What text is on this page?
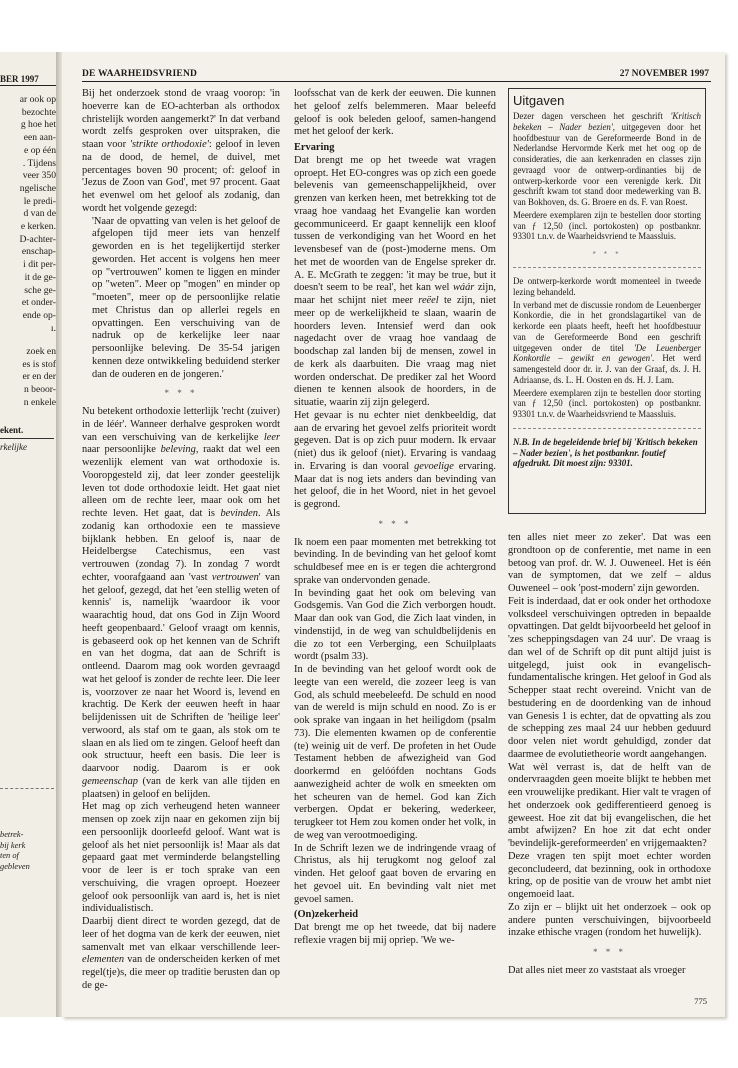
BER 1997
ar ook op
bezochte
g hoe het
een aan-
e op één
. Tijdens
veer 350
ngelische
le predi-
d van de
e kerken.
D-achter-
enschap-
i dit per-
it de ge-
sche ge-
et onder-
ende op-
ı.
zoek en
es is stof
er en der
n beoor-
n enkele
ekent.
rkelijke
betrek-
bij kerk
ten of
gebleven
DE WAARHEIDSVRIEND	27 NOVEMBER 1997

Bij het onderzoek stond de vraag voorop: 'in hoeverre kan de EO-achterban als orthodox christelijk worden aangemerkt?' In dat verband wordt zelfs gesproken over uitspraken, die staan voor 'strikte orthodoxie': geloof in leven na de dood, de hemel, de duivel, met percentages boven 90 procent; of: geloof in 'Jezus de Zoon van God', met 97 procent. Gaat het evenwel om het geloof als zodanig, dan wordt het volgende gezegd:

'Naar de opvatting van velen is het geloof de afgelopen tijd meer iets van henzelf geworden en is het tegelijkertijd sterker geworden. Het accent is volgens hen meer op "vertrouwen" komen te liggen en minder op "weten". Meer op "mogen" en minder op "moeten", meer op de persoonlijke relatie met Christus dan op allerlei regels en opvattingen. Een verschuiving van de nadruk op de kerkelijke leer naar persoonlijke beleving. De 35-54 jarigen kennen deze ontwikkeling beduidend sterker dan de ouderen en de jongeren.'

* * *

Nu betekent orthodoxie letterlijk 'recht (zuiver) in de léér'. Wanneer derhalve gesproken wordt van een verschuiving van de kerkelijke leer naar persoonlijke beleving, raakt dat wel een wezenlijk element van wat orthodoxie is. Vooropgesteld zij, dat leer zonder geestelijk leven tot dode orthodoxie leidt. Het gaat niet alleen om de rechte leer, maar ook om het rechte leven. Het gaat, dat is bevinden. Als zodanig kan orthodoxie een te massieve bijklank hebben. En geloof is, naar de Heidelbergse Catechismus, een vast vertrouwen (zondag 7). In zondag 7 wordt echter, voorafgaand aan 'vast vertrouwen' van het geloof, gezegd, dat het 'een stellig weten of kennis' is, namelijk 'waardoor ik voor waarachtig houd, dat ons God in Zijn Woord heeft geopenbaard.' Geloof vraagt om kennis, is gebaseerd ook op het kennen van de Schrift en van het dogma, dat aan de Schrift is ontleend. Daarom mag ook worden gevraagd wat het geloof is zonder de rechte leer. Die leer is, voorzover ze naar het Woord is, levend en krachtig. De Kerk der eeuwen heeft in haar belijdenissen uit de Schriften de 'heilige leer' verwoord, als staf om te gaan, als stok om te slaan en als lied om te zingen. Geloof heeft dan ook structuur, heeft een basis. Die leer is daarvoor nodig. Daarom is er ook gemeenschap (van de kerk van alle tijden en plaatsen) in geloof en belijden.

Het mag op zich verheugend heten wanneer mensen op zoek zijn naar en gekomen zijn bij een persoonlijk doorleefd geloof. Want wat is geloof als het niet persoonlijk is! Maar als dat gepaard gaat met verminderde belangstelling voor de leer is er toch sprake van een verschuiving, die vragen oproept. Hoezeer geloof ook persoonlijk van aard is, het is niet individualistisch.

Daarbij dient direct te worden gezegd, dat de leer of het dogma van de kerk der eeuwen, niet samenvalt met van elkaar verschillende leer-elementen van de onderscheiden kerken of met regel(tje)s, die meer op traditie berusten dan op de ge-

loofsschat van de kerk der eeuwen. Die kunnen het geloof zelfs belemmeren. Maar beleefd geloof is ook beleden geloof, samen-hangend met het geloof der kerk.

Ervaring

Dat brengt me op het tweede wat vragen oproept. Het EO-congres was op zich een goede belevenis van gemeenschappelijkheid, over grenzen van kerken heen, met betrekking tot de vraag hoe vandaag het Evangelie kan worden gecommuniceerd. Er gaapt kennelijk een kloof tussen de verkondiging van het Woord en het levensbesef van de (post-)moderne mens. Om het met de woorden van de Engelse spreker dr. A. E. McGrath te zeggen: 'it may be true, but it doesn't seem to be real', het kan wel wáár zijn, maar het schijnt niet meer reëel te zijn, niet meer op de werkelijkheid te slaan, waarin de hoorders leven. Intensief werd dan ook nagedacht over de vraag hoe vandaag de boodschap zal landen bij de mensen, zowel in de kerk als daarbuiten. Die vraag mag niet worden onderschat. De prediker zal het Woord dienen te kennen alsook de hoorders, in de situatie, waarin zij zijn gelegerd.

Het gevaar is nu echter niet denkbeeldig, dat aan de ervaring het gevoel zelfs prioriteit wordt gegeven. Dat is op zich puur modern. Ik ervaar (niet) dus ik geloof (niet). Ervaring is vandaag in. Ervaring is dan vooral gevoelige ervaring. Maar dat is nog iets anders dan bevinding van het geloof, die in het Woord, niet in het gevoel is gegrond.

* * *

Ik noem een paar momenten met betrekking tot bevinding. In de bevinding van het geloof komt schuldbesef mee en is er tegen die achtergrond sprake van ondervonden genade.

In bevinding gaat het ook om beleving van Godsgemis. Van God die Zich verborgen houdt. Maar dan ook van God, die Zich laat vinden, in vindenstijd, in de weg van schuldbelijdenis en die zo tot een Verberging, een Schuilplaats wordt (psalm 33).

In de bevinding van het geloof wordt ook de leegte van een wereld, die zozeer leeg is van God, als schuld meebeleefd. De schuld en nood van de wereld is mijn schuld en nood. Zo is er ook sprake van ingaan in het heiligdom (psalm 73). Die elementen kwamen op de conferentie (te) weinig uit de verf. De profeten in het Oude Testament hebben de afwezigheid van God doorkermd en gelóófden nochtans Gods aanwezigheid achter de wolk en smeekten om het scheuren van de hemel. God kan Zich verbergen. Opdat er bekering, wederkeer, terugkeer tot Hem zou komen onder het volk, in de weg van verootmoediging.

In de Schrift lezen we de indringende vraag of Christus, als hij terugkomt nog geloof zal vinden. Het geloof gaat boven de ervaring en het gevoel uit. En bevinding valt niet met gevoel samen.

(On)zekerheid

Dat brengt me op het tweede, dat bij nadere reflexie vragen bij mij opriep. 'We we-

Uitgaven

Dezer dagen verscheen het geschrift 'Kritisch bekeken – Nader bezien', uitgegeven door het hoofdbestuur van de Gereformeerde Bond in de Nederlandse Hervormde Kerk met het oog op de consideraties, die aan kerkenraden en classes zijn gevraagd voor de ontwerp-ordinanties bij de ontwerp-kerkorde voor een verenigde kerk. Dit geschrift kwam tot stand door medewerking van B. van Bokhoven, ds. G. Broere en ds. F. van Roest.

Meerdere exemplaren zijn te bestellen door storting van ƒ 12,50 (incl. portokosten) op postbanknr. 93301 t.n.v. de Waarheidsvriend te Maassluis.

* * *

De ontwerp-kerkorde wordt momenteel in tweede lezing behandeld.

In verband met de discussie rondom de Leuenberger Konkordie, die in het grondslagartikel van de kerkorde een plaats heeft, heeft het hoofdbestuur van de Gereformeerde Bond een geschrift uitgegeven onder de titel 'De Leuenberger Konkordie – gewikt en gewogen'. Het werd samengesteld door dr. ir. J. van der Graaf, ds. J. H. Adriaanse, ds. L. H. Oosten en ds. H. J. Lam.

Meerdere exemplaren zijn te bestellen door storting van ƒ 12,50 (incl. portokosten) op postbanknr. 93301 t.n.v. de Waarheidsvriend te Maassluis.

N.B. In de begeleidende brief bij 'Kritisch bekeken – Nader bezien', is het postbanknr. foutief afgedrukt. Dit moest zijn: 93301.

ten alles niet meer zo zeker'. Dat was een grondtoon op de conferentie, met name in een betoog van prof. dr. W. J. Ouweneel. Het is één van de symptomen, dat we zelf – aldus Ouweneel – ook 'post-modern' zijn geworden.

Feit is inderdaad, dat er ook onder het orthodoxe volksdeel verschuivingen optreden in bepaalde opvattingen. Dat geldt bijvoorbeeld het geloof in 'zes scheppingsdagen van 24 uur'. De vraag is dan wel of de Schrift op dit punt altijd juist is uitgelegd, juist ook in evangelisch-fundamentalische kringen. Het geloof in God als Schepper staat recht overeind. Vnicht van de bestudering en de doordenking van de inhoud van Genesis 1 is echter, dat de opvatting als zou de schepping zes maal 24 uur hebben geduurd door velen niet wordt gehuldigd, zonder dat daarmee de evolutietheorie wordt aangehangen.

Wat wèl verrast is, dat de helft van de ondervraagden geen moeite blijkt te hebben met een vrouwelijke predikant. Hier valt te vragen of het onderzoek ook gedifferentieerd genoeg is geweest. Hoe zit dat bij evangelischen, die het ambt afwijzen? En hoe zit dat echt onder 'bevindelijk-gereformeerden' en vrijgemaakten?

Deze vragen ten spijt moet echter worden geconcludeerd, dat bezinning, ook in orthodoxe kring, op de positie van de vrouw het ambt niet ongemoeid laat.

Zo zijn er – blijkt uit het onderzoek – ook op andere punten verschuivingen, bijvoorbeeld inzake ethische vragen (rondom het huwelijk).

* * *

Dat alles niet meer zo vaststaat als vroeger

775
